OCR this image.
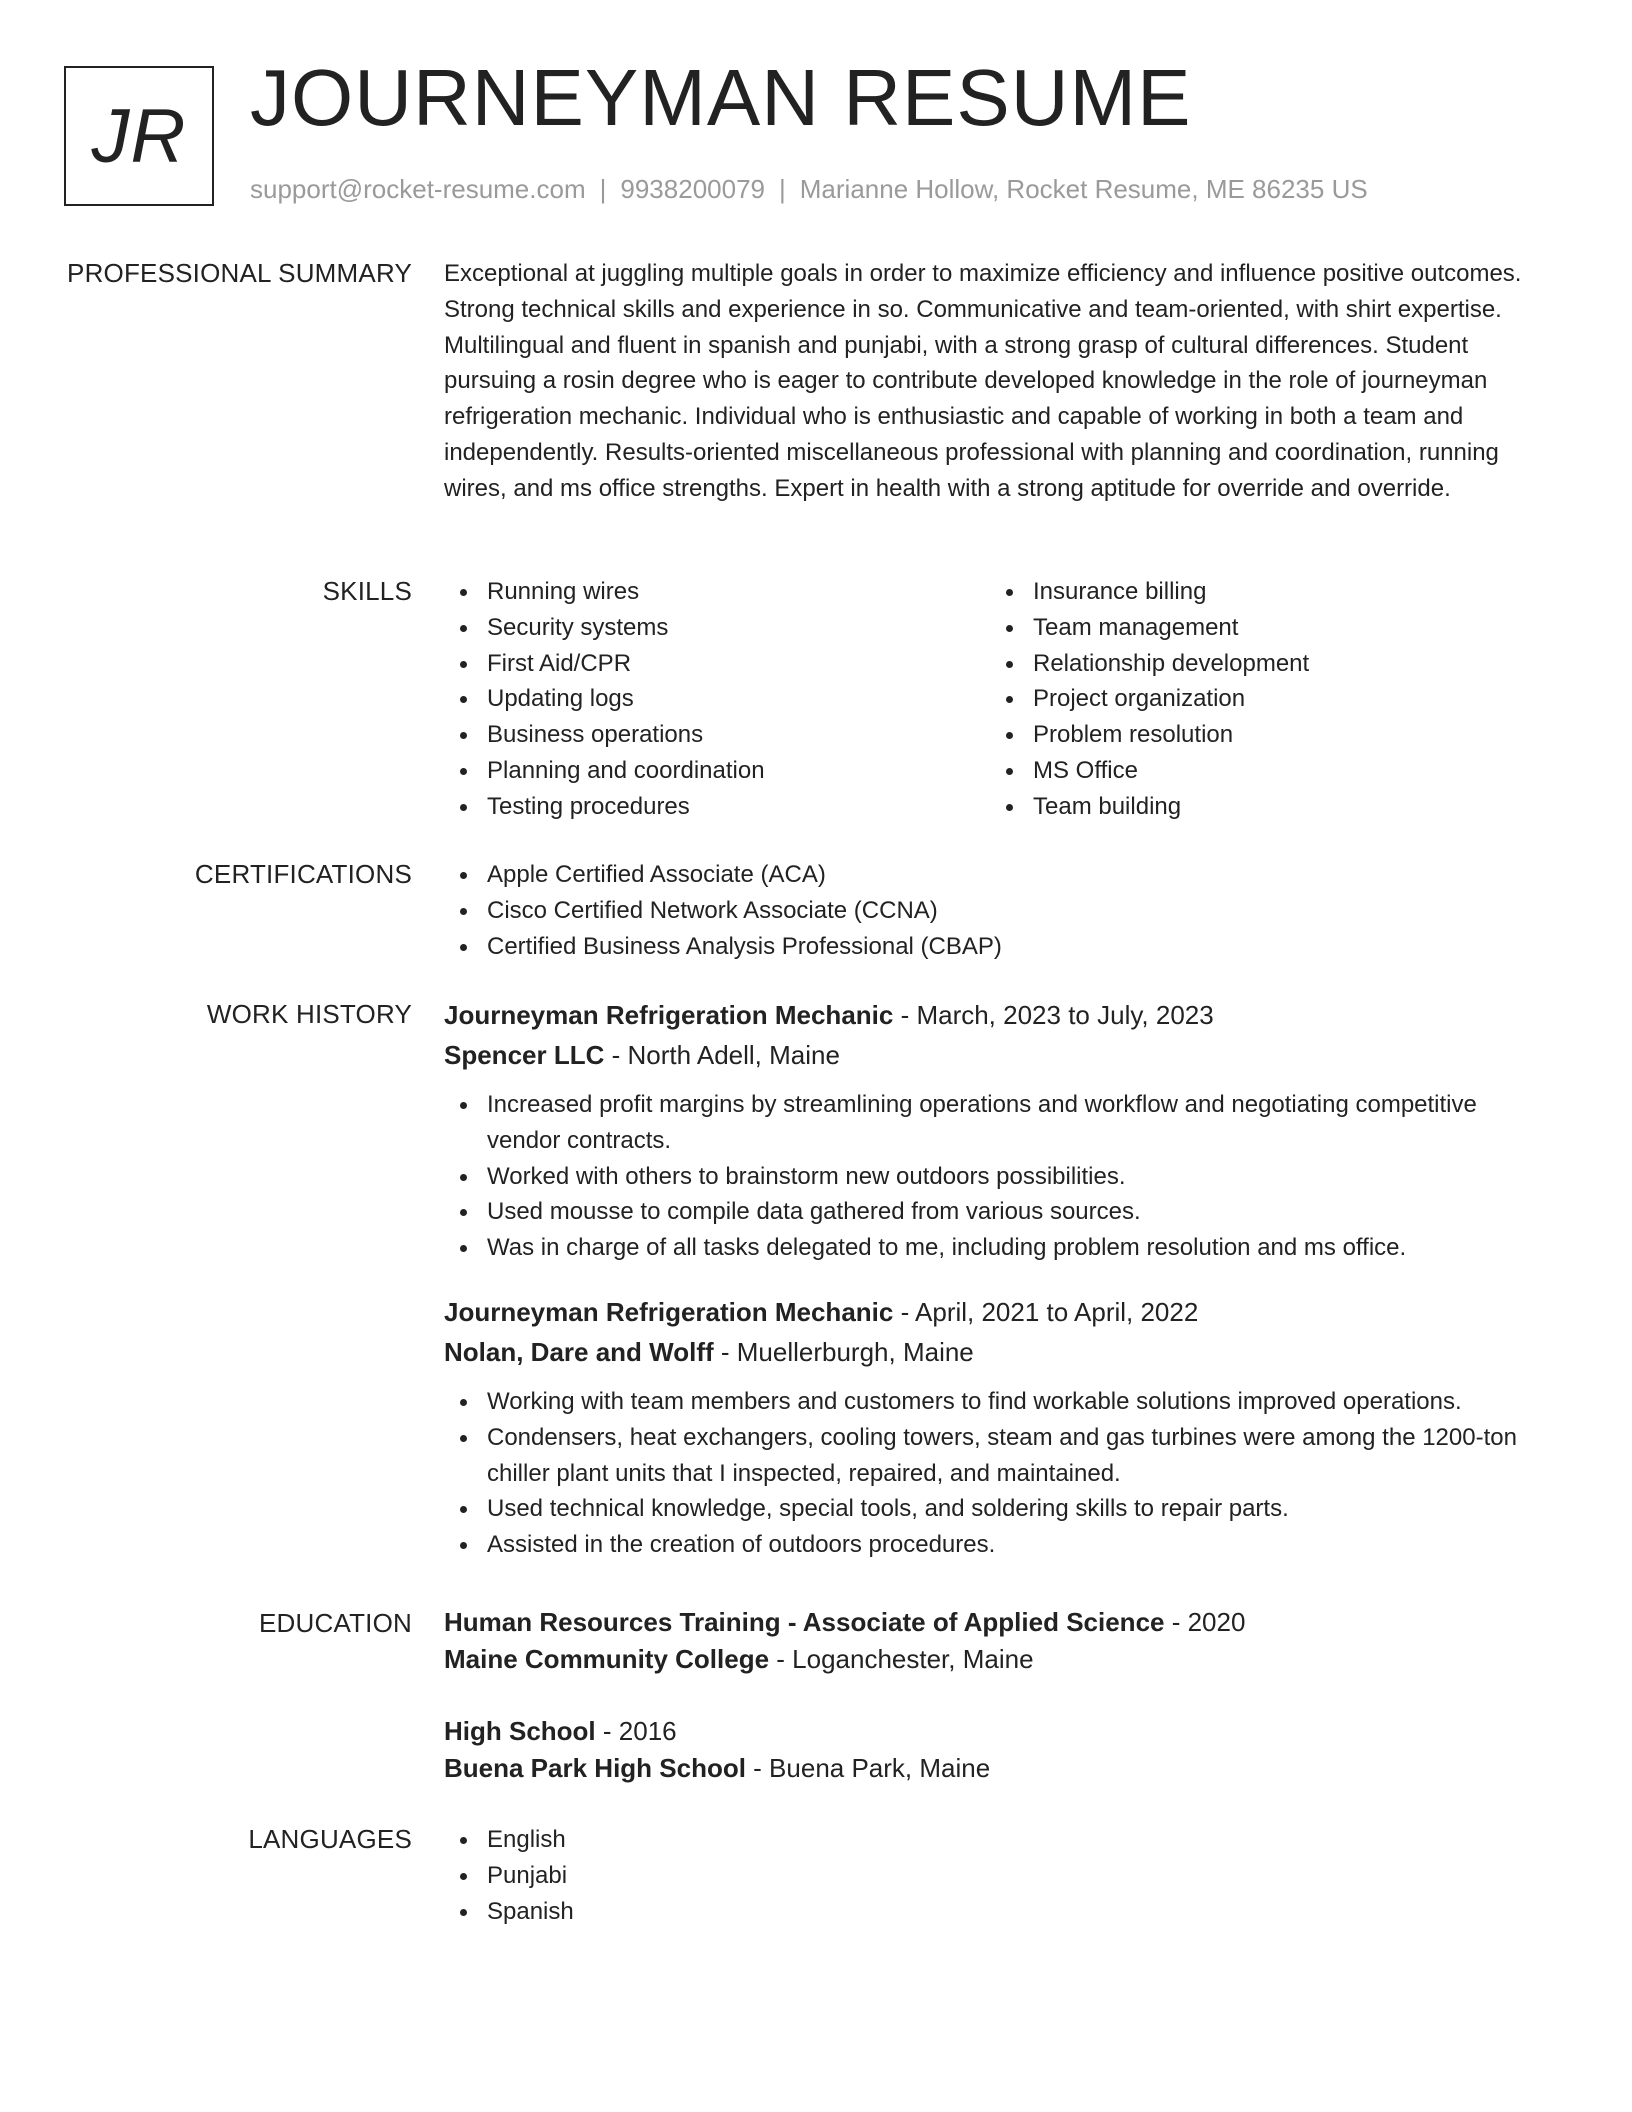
JR JOURNEYMAN RESUME
support@rocket-resume.com | 9938200079 | Marianne Hollow, Rocket Resume, ME 86235 US
PROFESSIONAL SUMMARY Exceptional at juggling multiple goals in order to maximize efficiency and influence positive outcomes. Strong technical skills and experience in so. Communicative and team-oriented, with shirt expertise. Multilingual and fluent in spanish and punjabi, with a strong grasp of cultural differences. Student pursuing a rosin degree who is eager to contribute developed knowledge in the role of journeyman refrigeration mechanic. Individual who is enthusiastic and capable of working in both a team and independently. Results-oriented miscellaneous professional with planning and coordination, running wires, and ms office strengths. Expert in health with a strong aptitude for override and override.

SKILLS	Running wires
Security systems
First Aid/CPR
Updating logs
Business operations
Planning and coordination
Testing procedures
Insurance billing
Team management
Relationship development
Project organization
Problem resolution
MS Office
Team building
CERTIFICATIONS	Apple Certified Associate (ACA)
Cisco Certified Network Associate (CCNA)
Certified Business Analysis Professional (CBAP)
WORK HISTORY Journeyman Refrigeration Mechanic - March, 2023 to July, 2023
Spencer LLC - North Adell, Maine
Increased profit margins by streamlining operations and workflow and negotiating competitive vendor contracts.
Worked with others to brainstorm new outdoors possibilities.
Used mousse to compile data gathered from various sources.
Was in charge of all tasks delegated to me, including problem resolution and ms office.
Journeyman Refrigeration Mechanic - April, 2021 to April, 2022
Nolan, Dare and Wolff - Muellerburgh, Maine
Working with team members and customers to find workable solutions improved operations.
Condensers, heat exchangers, cooling towers, steam and gas turbines were among the 1200-ton chiller plant units that I inspected, repaired, and maintained.
Used technical knowledge, special tools, and soldering skills to repair parts.
Assisted in the creation of outdoors procedures.
EDUCATION Human Resources Training - Associate of Applied Science - 2020
Maine Community College - Loganchester, Maine
High School - 2016
Buena Park High School - Buena Park, Maine
LANGUAGES	English
Punjabi
Spanish
